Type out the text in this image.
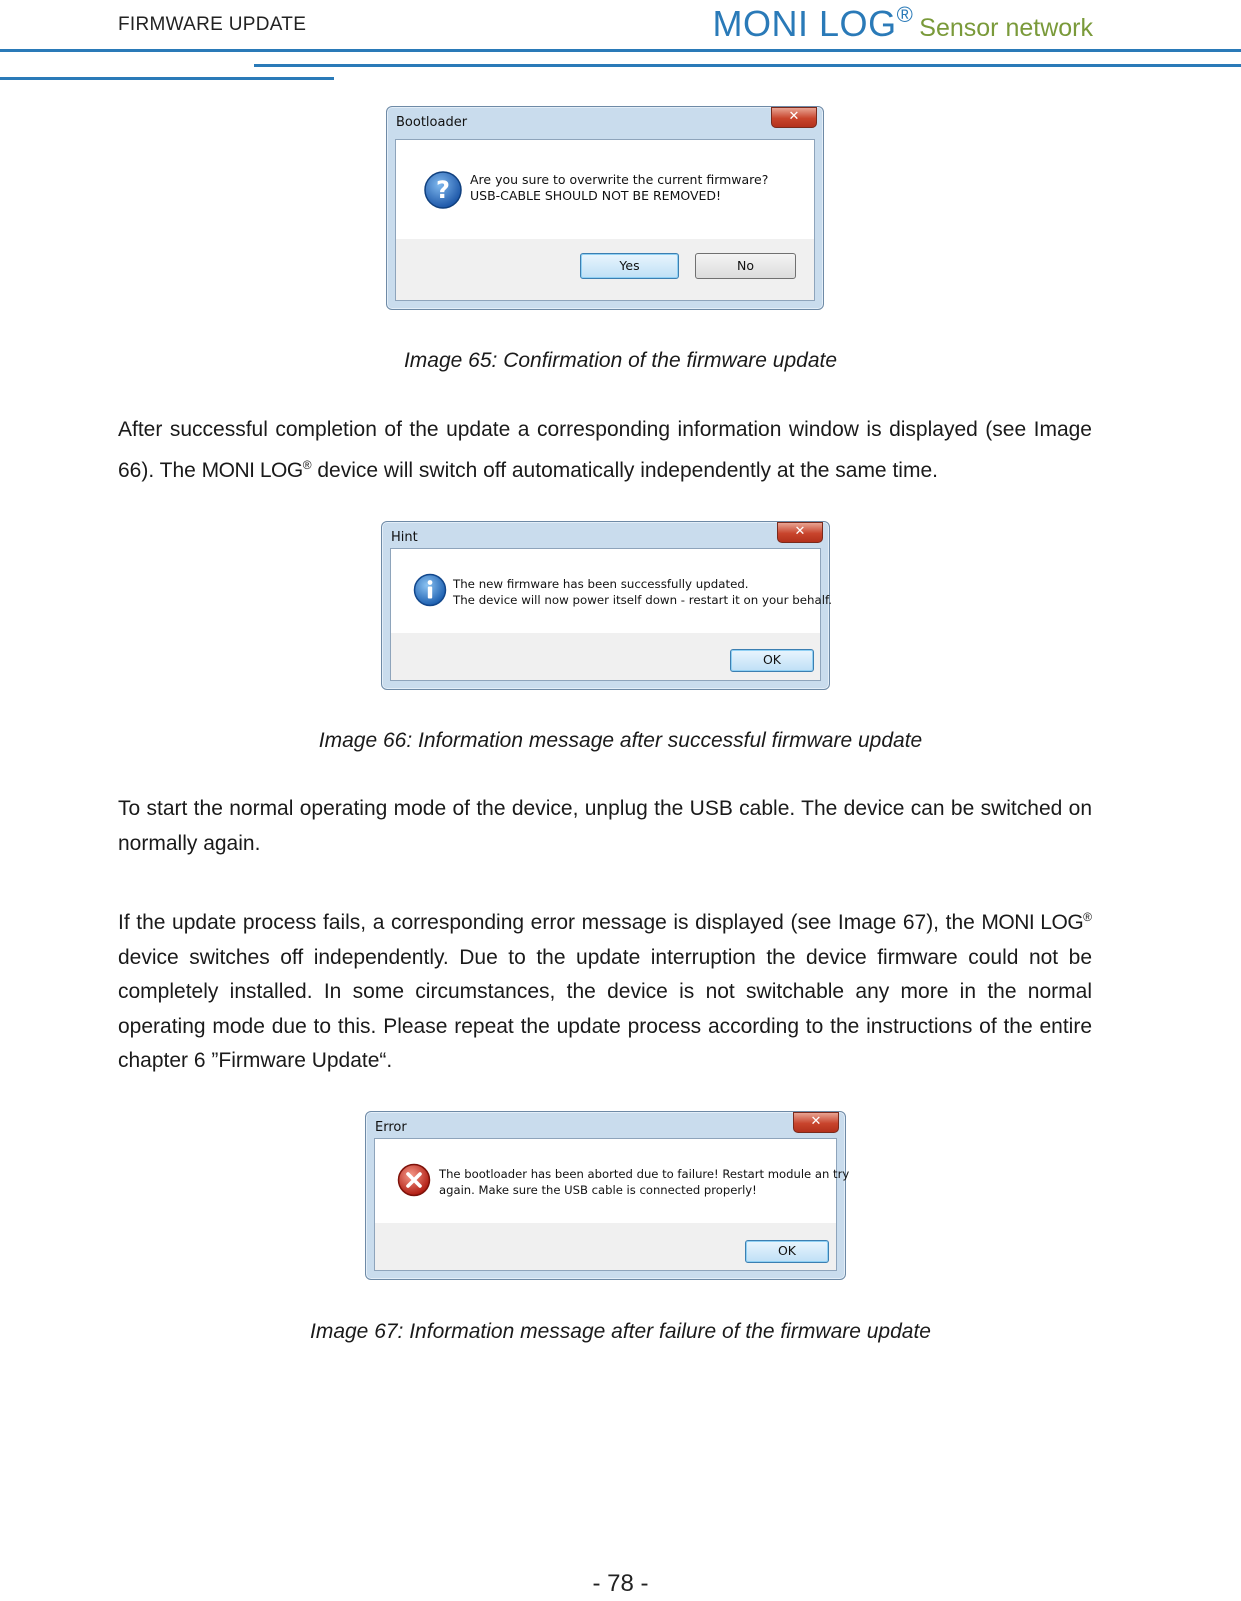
FIRMWARE UPDATE	MONI LOG® Sensor network
Bootloader	✕
? Are you sure to overwrite the current firmware?
USB-CABLE SHOULD NOT BE REMOVED!
Yes	No
Image 65: Confirmation of the firmware update
After successful completion of the update a corresponding information window is displayed (see Image 66). The MONI LOG® device will switch off automatically independently at the same time.
Hint	✕
The new firmware has been successfully updated.
The device will now power itself down - restart it on your behalf.
OK
Image 66: Information message after successful firmware update
To start the normal operating mode of the device, unplug the USB cable. The device can be switched on normally again.
If the update process fails, a corresponding error message is displayed (see Image 67), the MONI LOG® device switches off independently. Due to the update interruption the device firmware could not be completely installed. In some circumstances, the device is not switchable any more in the normal operating mode due to this. Please repeat the update process according to the instructions of the entire chapter 6 ”Firmware Update“.
Error	✕
The bootloader has been aborted due to failure! Restart module an try
again. Make sure the USB cable is connected properly!
OK
Image 67: Information message after failure of the firmware update
- 78 -
